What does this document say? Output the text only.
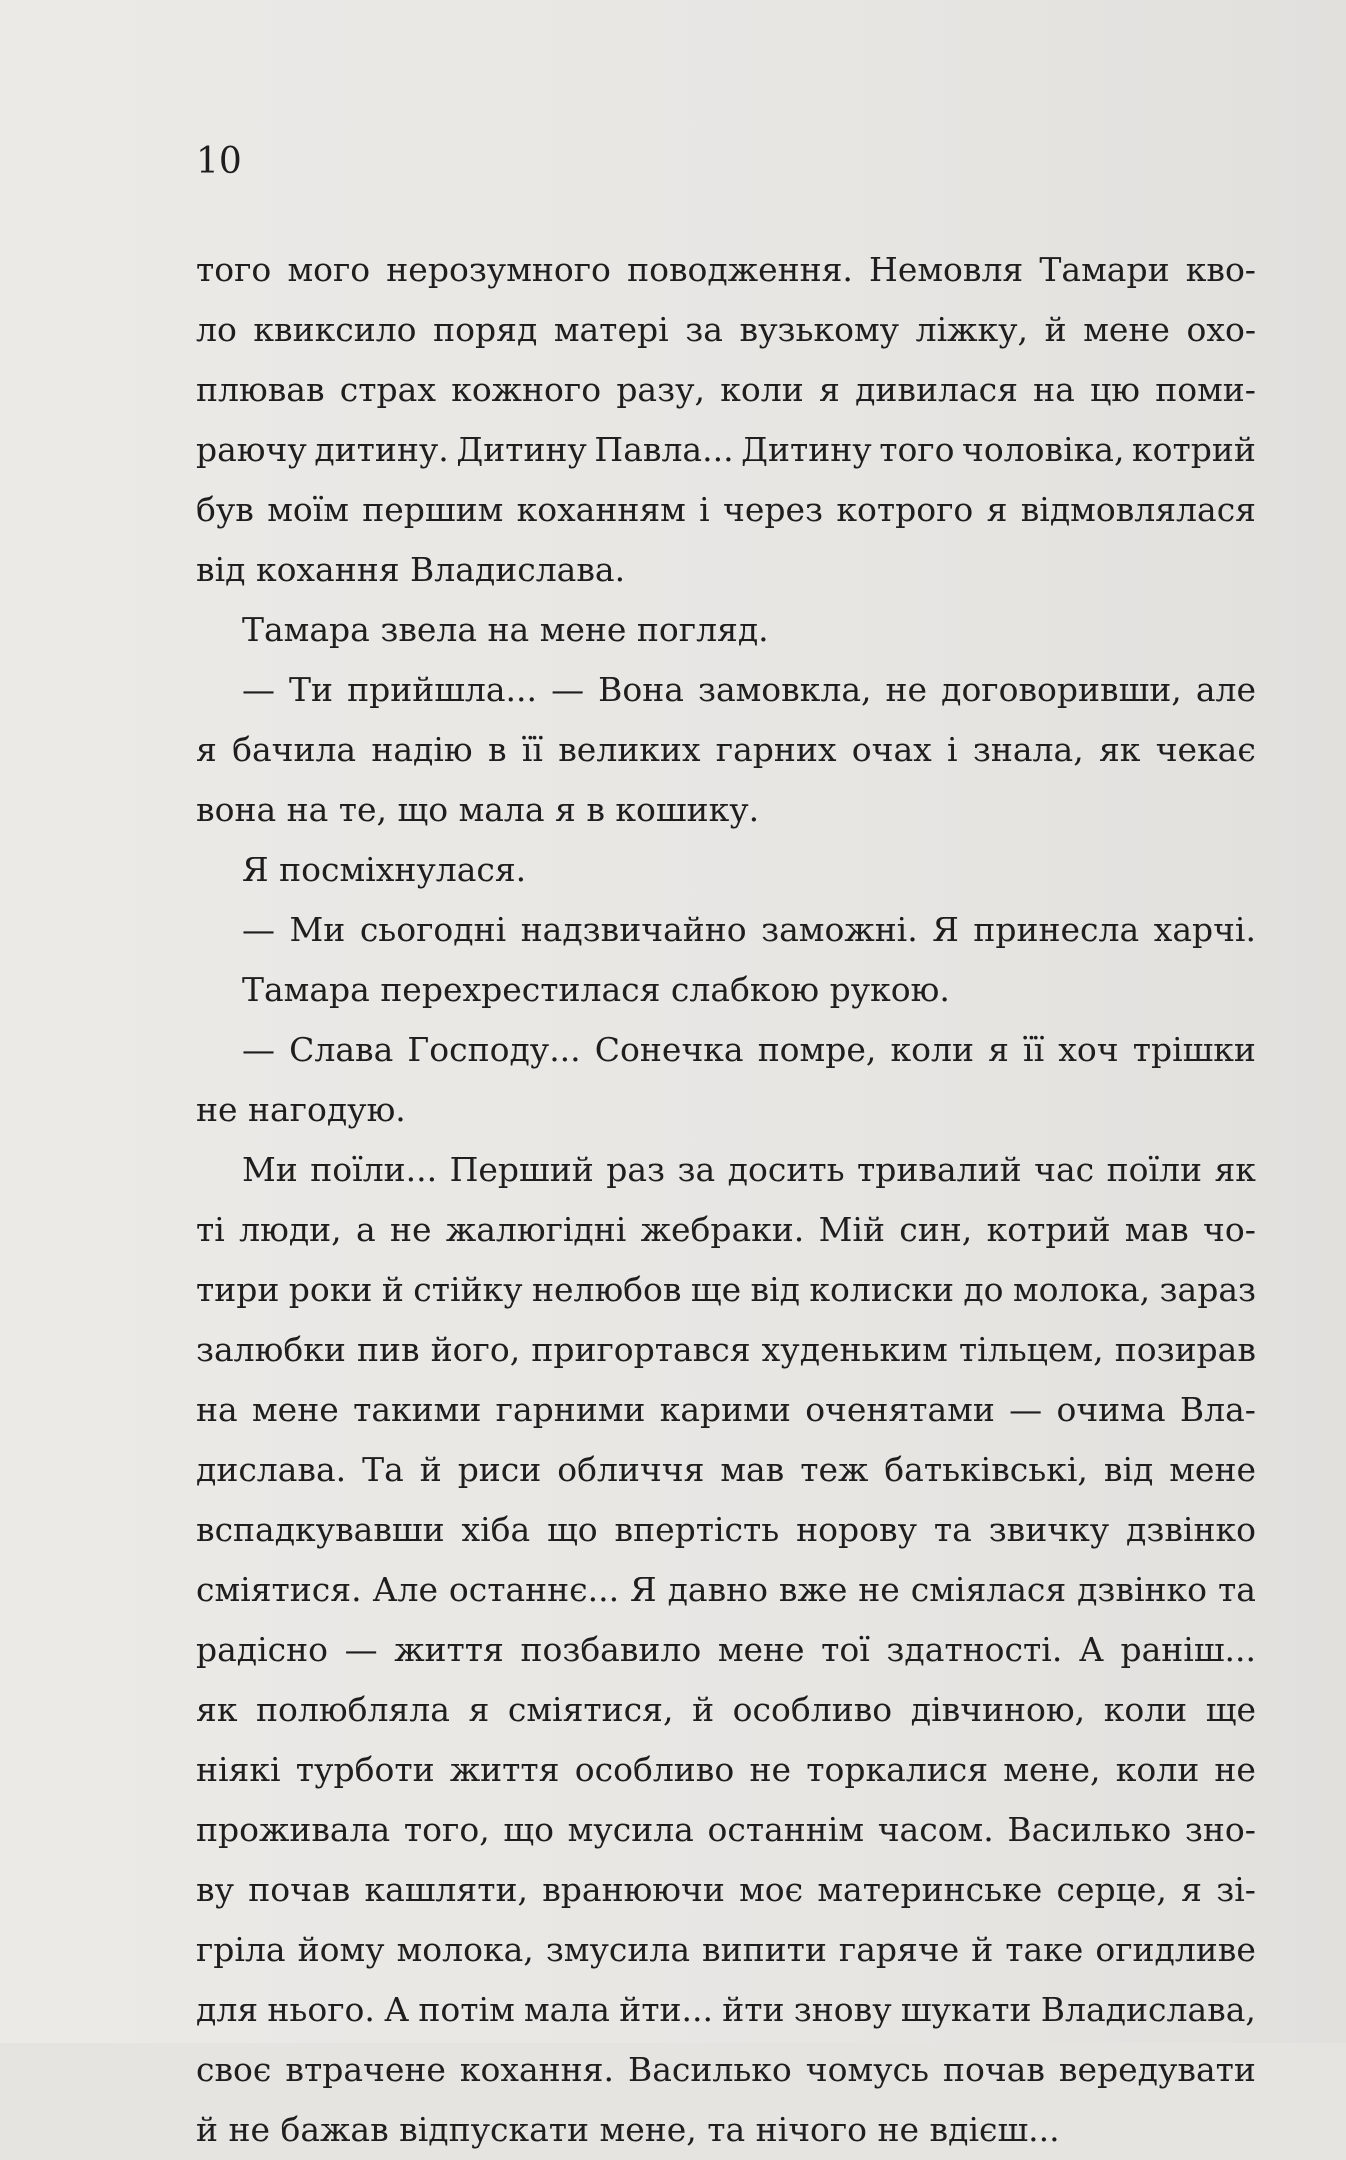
10
того мого нерозумного поводження. Немовля Тамари кво-
ло квиксило поряд матері за вузькому ліжку, й мене охо-
плював страх кожного разу, коли я дивилася на цю поми-
раючу дитину. Дитину Павла... Дитину того чоловіка, котрий
був моїм першим коханням і через котрого я відмовлялася
від кохання Владислава.
Тамара звела на мене погляд.
— Ти прийшла... — Вона замовкла, не договоривши, але
я бачила надію в її великих гарних очах і знала, як чекає
вона на те, що мала я в кошику.
Я посміхнулася.
— Ми сьогодні надзвичайно заможні. Я принесла харчі.
Тамара перехрестилася слабкою рукою.
— Слава Господу... Сонечка помре, коли я її хоч трішки
не нагодую.
Ми поїли... Перший раз за досить тривалий час поїли як
ті люди, а не жалюгідні жебраки. Мій син, котрий мав чо-
тири роки й стійку нелюбов ще від колиски до молока, зараз
залюбки пив його, пригортався худеньким тільцем, позирав
на мене такими гарними карими оченятами — очима Вла-
дислава. Та й риси обличчя мав теж батьківські, від мене
вспадкувавши хіба що впертість норову та звичку дзвінко
сміятися. Але останнє... Я давно вже не сміялася дзвінко та
радісно — життя позбавило мене тої здатності. А раніш...
як полюбляла я сміятися, й особливо дівчиною, коли ще
ніякі турботи життя особливо не торкалися мене, коли не
проживала того, що мусила останнім часом. Василько зно-
ву почав кашляти, вранюючи моє материнське серце, я зі-
гріла йому молока, змусила випити гаряче й таке огидливе
для нього. А потім мала йти... йти знову шукати Владислава,
своє втрачене кохання. Василько чомусь почав вередувати
й не бажав відпускати мене, та нічого не вдієш...
